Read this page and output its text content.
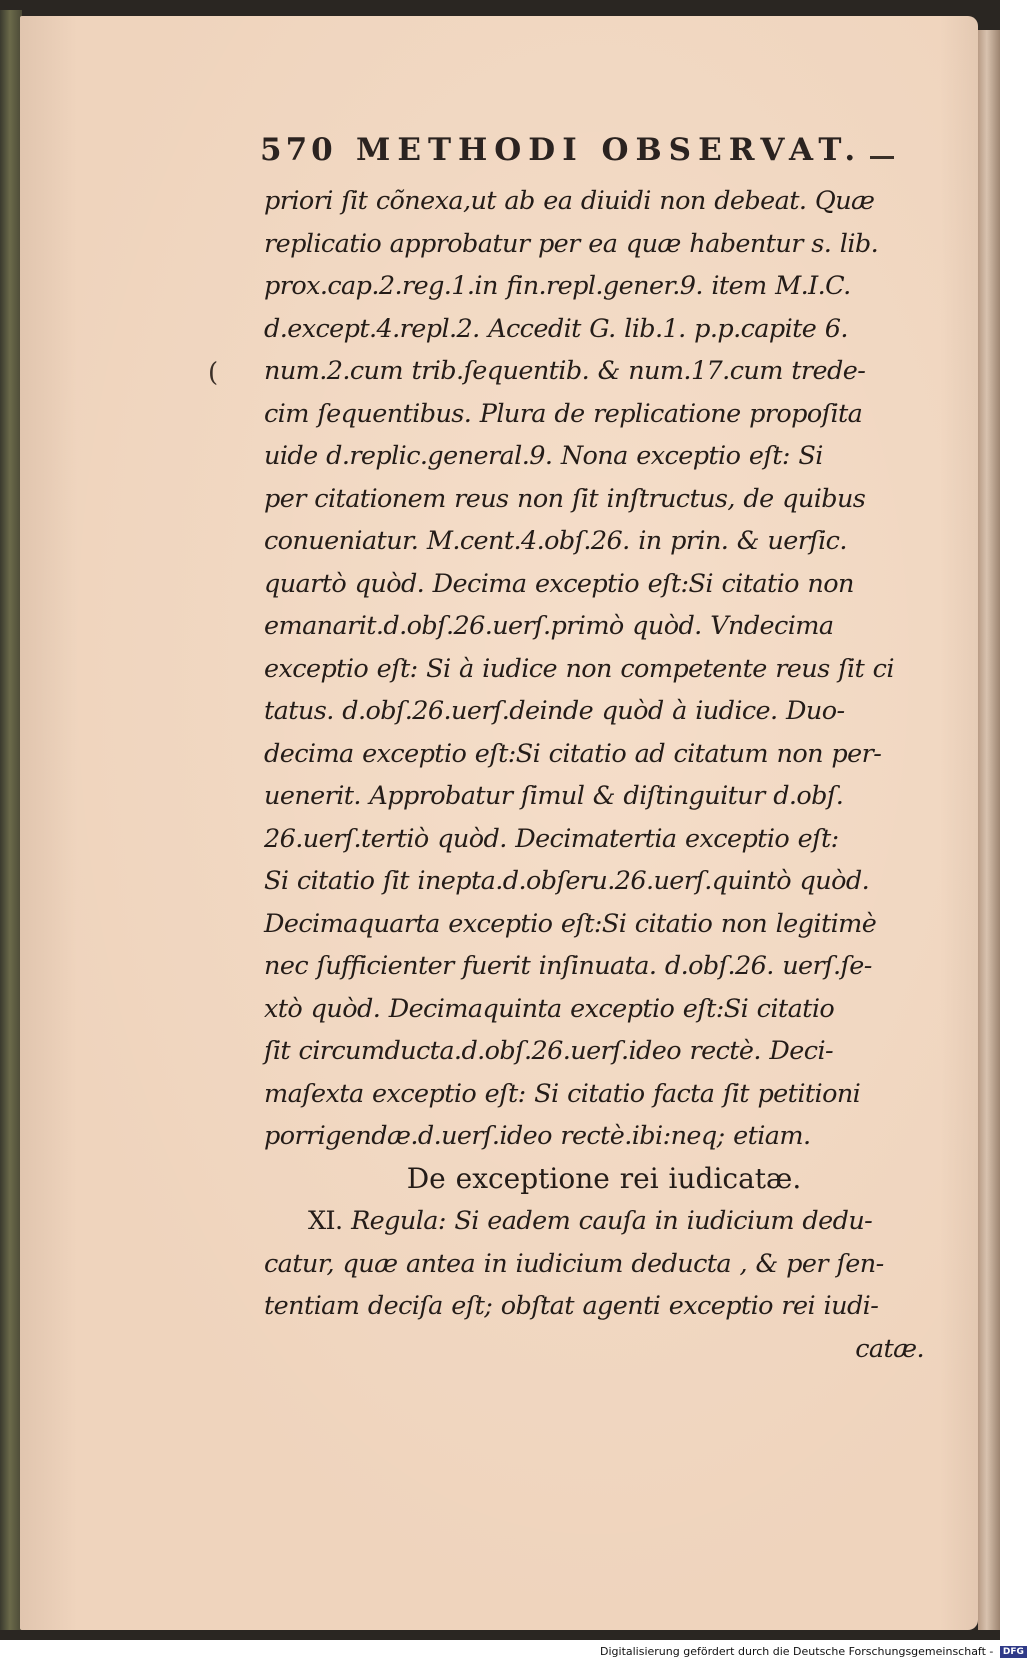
570 METHODI OBSERVAT.
(
priori ſit cõnexa,ut ab ea diuidi non debeat. Quæ
replicatio approbatur per ea quæ habentur s. lib.
prox.cap.2.reg.1.in fin.repl.gener.9. item M.I.C.
d.except.4.repl.2. Accedit G. lib.1. p.p.capite 6.
num.2.cum trib.ſequentib. & num.17.cum trede-
cim ſequentibus. Plura de replicatione propoſita
uide d.replic.general.9. Nona exceptio eſt: Si
per citationem reus non ſit inſtructus, de quibus
conueniatur. M.cent.4.obſ.26. in prin. & uerſic.
quartò quòd. Decima exceptio eſt:Si citatio non
emanarit.d.obſ.26.uerſ.primò quòd. Vndecima
exceptio eſt: Si à iudice non competente reus ſit ci
tatus. d.obſ.26.uerſ.deinde quòd à iudice. Duo-
decima exceptio eſt:Si citatio ad citatum non per-
uenerit. Approbatur ſimul & diſtinguitur d.obſ.
26.uerſ.tertiò quòd. Decimatertia exceptio eſt:
Si citatio ſit inepta.d.obſeru.26.uerſ.quintò quòd.
Decimaquarta exceptio eſt:Si citatio non legitimè
nec ſufficienter fuerit inſinuata. d.obſ.26. uerſ.ſe-
xtò quòd. Decimaquinta exceptio eſt:Si citatio
ſit circumducta.d.obſ.26.uerſ.ideo rectè. Deci-
maſexta exceptio eſt: Si citatio facta ſit petitioni
porrigendæ.d.uerſ.ideo rectè.ibi:neq; etiam.
De exceptione rei iudicatæ.
XI. Regula: Si eadem cauſa in iudicium dedu-
catur, quæ antea in iudicium deducta , & per ſen-
tentiam deciſa eſt; obſtat agenti exceptio rei iudi-
catæ.
Digitalisierung gefördert durch die Deutsche Forschungsgemeinschaft - DFG
